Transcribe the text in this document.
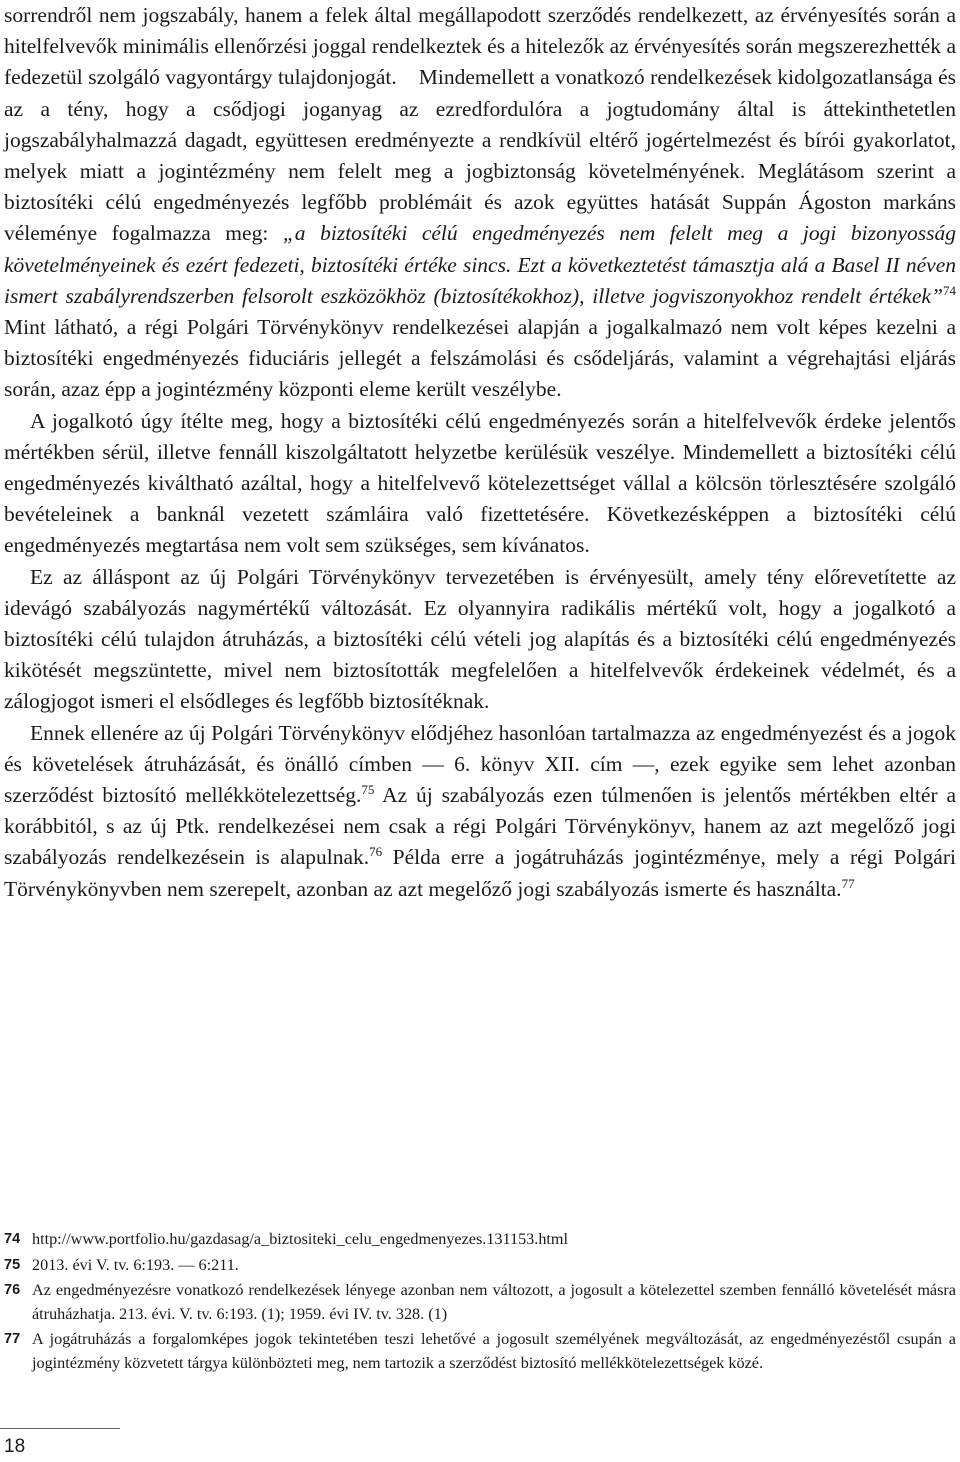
sorrendről nem jogszabály, hanem a felek által megállapodott szerződés rendelkezett, az érvényesítés során a hitelfelvevők minimális ellenőrzési joggal rendelkeztek és a hitelezők az érvényesítés során megszerezhették a fedezetül szolgáló vagyontárgy tulajdonjogát. Mindemellett a vonatkozó rendelkezések kidolgozatlansága és az a tény, hogy a csődjogi joganyag az ezredfordulóra a jogtudomány által is áttekinthetetlen jogszabályhalmazzá dagadt, együttesen eredményezte a rendkívül eltérő jogértelmezést és bírói gyakorlatot, melyek miatt a jogintézmény nem felelt meg a jogbiztonság követelményének. Meglátásom szerint a biztosítéki célú engedményezés legfőbb problémáit és azok együttes hatását Suppán Ágoston markáns véleménye fogalmazza meg: „a biztosítéki célú engedményezés nem felelt meg a jogi bizonyosság követelményeinek és ezért fedezeti, biztosítéki értéke sincs. Ezt a következtetést támasztja alá a Basel II néven ismert szabályrendszerben felsorolt eszközökhöz (biztosítékokhoz), illetve jogviszonyokhoz rendelt értékek”$^{74}$ Mint látható, a régi Polgári Törvénykönyv rendelkezései alapján a jogalkalmazó nem volt képes kezelni a biztosítéki engedményezés fiduciáris jellegét a felszámolási és csődeljárás, valamint a végrehajtási eljárás során, azaz épp a jogintézmény központi eleme került veszélybe.

A jogalkotó úgy ítélte meg, hogy a biztosítéki célú engedményezés során a hitelfelvevők érdeke jelentős mértékben sérül, illetve fennáll kiszolgáltatott helyzetbe kerülésük veszélye. Mindemellett a biztosítéki célú engedményezés kiváltható azáltal, hogy a hitelfelvevő kötelezettséget vállal a kölcsön törlesztésére szolgáló bevételeinek a banknál vezetett számláira való fizettetésére. Következésképpen a biztosítéki célú engedményezés megtartása nem volt sem szükséges, sem kívánatos.

Ez az álláspont az új Polgári Törvénykönyv tervezetében is érvényesült, amely tény előrevetítette az idevágó szabályozás nagymértékű változását. Ez olyannyira radikális mértékű volt, hogy a jogalkotó a biztosítéki célú tulajdon átruházás, a biztosítéki célú vételi jog alapítás és a biztosítéki célú engedményezés kikötését megszüntette, mivel nem biztosították megfelelően a hitelfelvevők érdekeinek védelmét, és a zálogjogot ismeri el elsődleges és legfőbb biztosítéknak.

Ennek ellenére az új Polgári Törvénykönyv elődjéhez hasonlóan tartalmazza az engedményezést és a jogok és követelések átruházását, és önálló címben — 6. könyv XII. cím —, ezek egyike sem lehet azonban szerződést biztosító mellékkötelezettség.$^{75}$ Az új szabályozás ezen túlmenően is jelentős mértékben eltér a korábbitól, s az új Ptk. rendelkezései nem csak a régi Polgári Törvénykönyv, hanem az azt megelőző jogi szabályozás rendelkezésein is alapulnak.$^{76}$ Példa erre a jogátruházás jogintézménye, mely a régi Polgári Törvénykönyvben nem szerepelt, azonban az azt megelőző jogi szabályozás ismerte és használta.$^{77}$

74 http://www.portfolio.hu/gazdasag/a_biztositeki_celu_engedmenyezes.131153.html
75 2013. évi V. tv. 6:193. — 6:211.
76 Az engedményezésre vonatkozó rendelkezések lényege azonban nem változott, a jogosult a kötelezettel szemben fennálló követelését másra átruházhatja. 213. évi. V. tv. 6:193. (1); 1959. évi IV. tv. 328. (1)
77 A jogátruházás a forgalomképes jogok tekintetében teszi lehetővé a jogosult személyének megváltozását, az engedményezéstől csupán a jogintézmény közvetett tárgya különbözteti meg, nem tartozik a szerződést biztosító mellékkötelezettségek közé.
18
